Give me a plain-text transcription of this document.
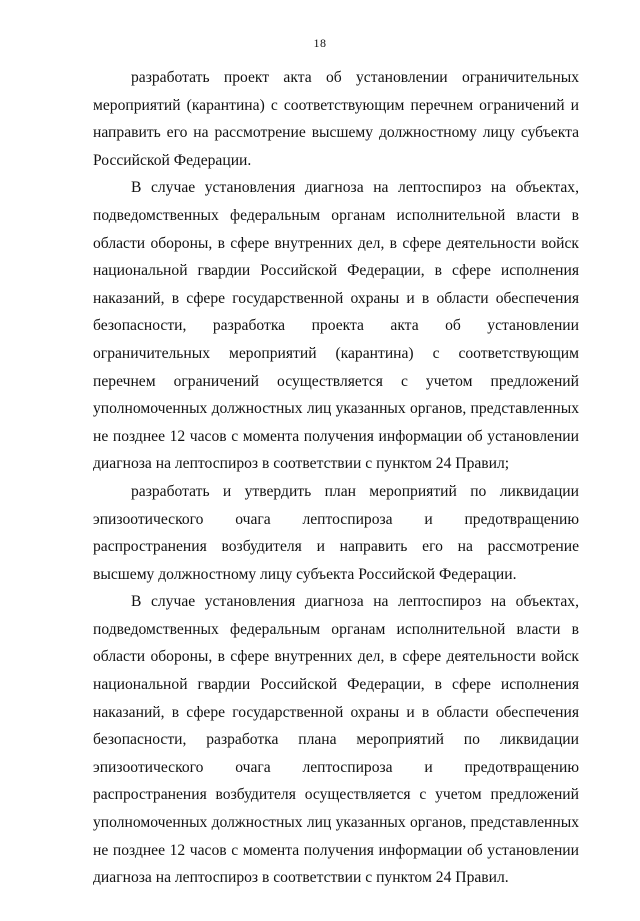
18

разработать проект акта об установлении ограничительных мероприятий (карантина) с соответствующим перечнем ограничений и направить его на рассмотрение высшему должностному лицу субъекта Российской Федерации.

В случае установления диагноза на лептоспироз на объектах, подведомственных федеральным органам исполнительной власти в области обороны, в сфере внутренних дел, в сфере деятельности войск национальной гвардии Российской Федерации, в сфере исполнения наказаний, в сфере государственной охраны и в области обеспечения безопасности, разработка проекта акта об установлении ограничительных мероприятий (карантина) с соответствующим перечнем ограничений осуществляется с учетом предложений уполномоченных должностных лиц указанных органов, представленных не позднее 12 часов с момента получения информации об установлении диагноза на лептоспироз в соответствии с пунктом 24 Правил;

разработать и утвердить план мероприятий по ликвидации эпизоотического очага лептоспироза и предотвращению распространения возбудителя и направить его на рассмотрение высшему должностному лицу субъекта Российской Федерации.

В случае установления диагноза на лептоспироз на объектах, подведомственных федеральным органам исполнительной власти в области обороны, в сфере внутренних дел, в сфере деятельности войск национальной гвардии Российской Федерации, в сфере исполнения наказаний, в сфере государственной охраны и в области обеспечения безопасности, разработка плана мероприятий по ликвидации эпизоотического очага лептоспироза и предотвращению распространения возбудителя осуществляется с учетом предложений уполномоченных должностных лиц указанных органов, представленных не позднее 12 часов с момента получения информации об установлении диагноза на лептоспироз в соответствии с пунктом 24 Правил.
